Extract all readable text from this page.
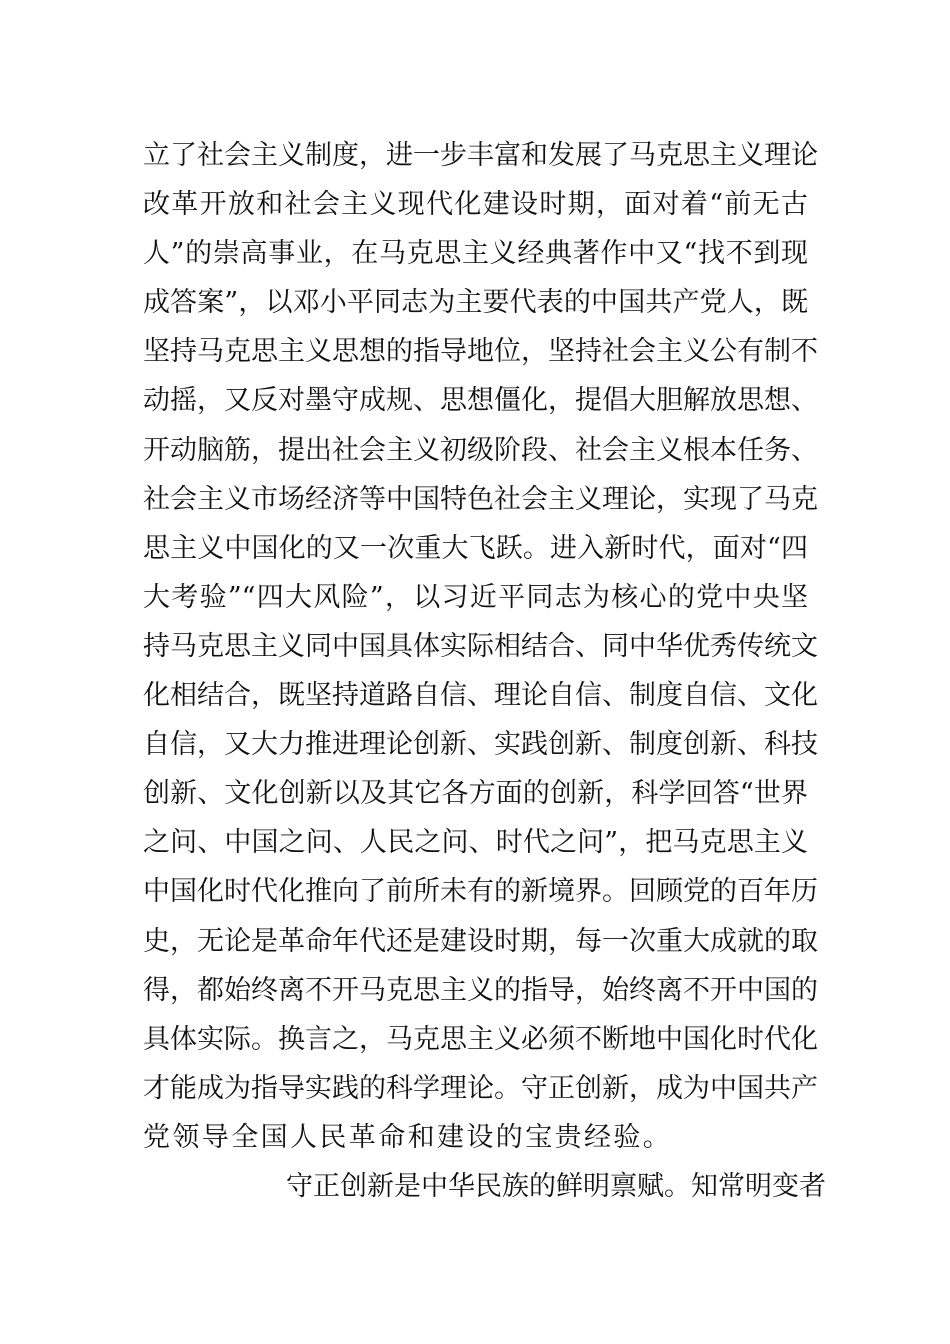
立了社会主义制度，进一步丰富和发展了马克思主义理论
改革开放和社会主义现代化建设时期，面对着“前无古
人”的崇高事业，在马克思主义经典著作中又“找不到现
成答案”，以邓小平同志为主要代表的中国共产党人，既
坚持马克思主义思想的指导地位，坚持社会主义公有制不
动摇，又反对墨守成规、思想僵化，提倡大胆解放思想、
开动脑筋，提出社会主义初级阶段、社会主义根本任务、
社会主义市场经济等中国特色社会主义理论，实现了马克
思主义中国化的又一次重大飞跃。进入新时代，面对“四
大考验”“四大风险”，以习近平同志为核心的党中央坚
持马克思主义同中国具体实际相结合、同中华优秀传统文
化相结合，既坚持道路自信、理论自信、制度自信、文化
自信，又大力推进理论创新、实践创新、制度创新、科技
创新、文化创新以及其它各方面的创新，科学回答“世界
之问、中国之问、人民之问、时代之问”，把马克思主义
中国化时代化推向了前所未有的新境界。回顾党的百年历
史，无论是革命年代还是建设时期，每一次重大成就的取
得，都始终离不开马克思主义的指导，始终离不开中国的
具体实际。换言之，马克思主义必须不断地中国化时代化
才能成为指导实践的科学理论。守正创新，成为中国共产
党领导全国人民革命和建设的宝贵经验。
守正创新是中华民族的鲜明禀赋。知常明变者
